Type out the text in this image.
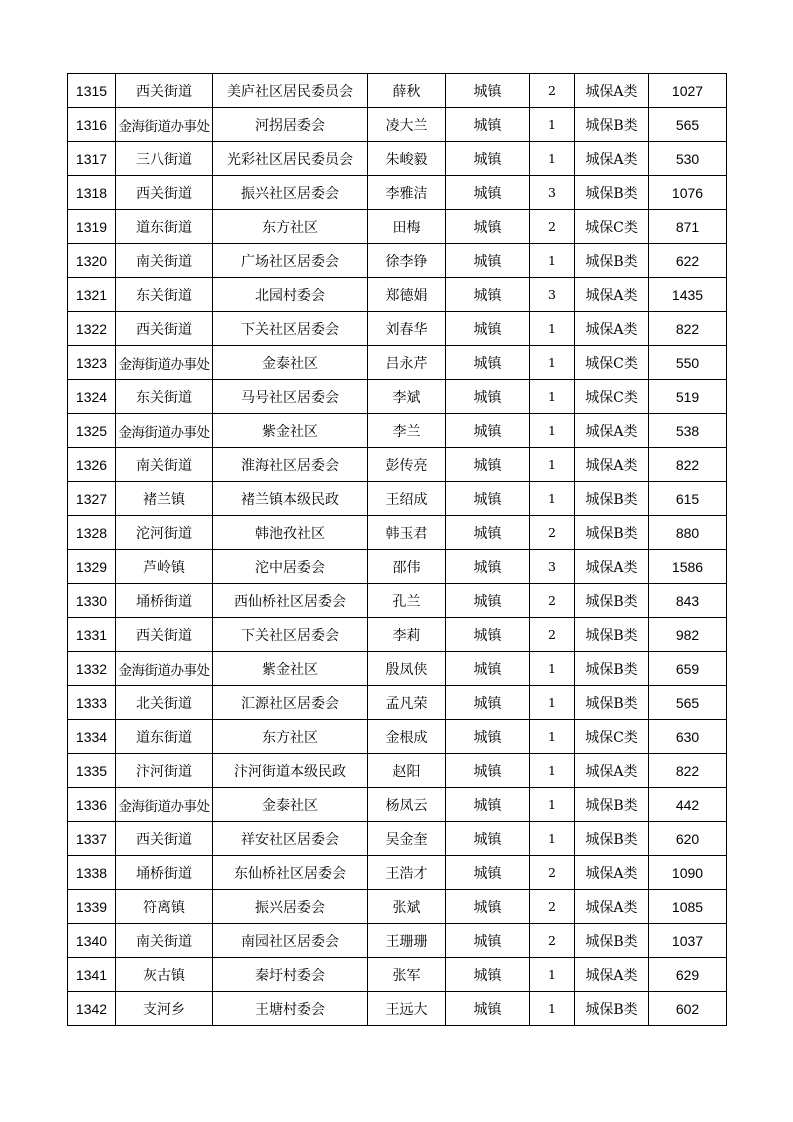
1315	西关街道	美庐社区居民委员会	薛秋	城镇	2	城保A类	1027
1316	金海街道办事处	河拐居委会	凌大兰	城镇	1	城保B类	565
1317	三八街道	光彩社区居民委员会	朱峻毅	城镇	1	城保A类	530
1318	西关街道	振兴社区居委会	李雅洁	城镇	3	城保B类	1076
1319	道东街道	东方社区	田梅	城镇	2	城保C类	871
1320	南关街道	广场社区居委会	徐李铮	城镇	1	城保B类	622
1321	东关街道	北园村委会	郑德娟	城镇	3	城保A类	1435
1322	西关街道	下关社区居委会	刘春华	城镇	1	城保A类	822
1323	金海街道办事处	金泰社区	吕永芹	城镇	1	城保C类	550
1324	东关街道	马号社区居委会	李斌	城镇	1	城保C类	519
1325	金海街道办事处	紫金社区	李兰	城镇	1	城保A类	538
1326	南关街道	淮海社区居委会	彭传亮	城镇	1	城保A类	822
1327	褚兰镇	褚兰镇本级民政	王绍成	城镇	1	城保B类	615
1328	沱河街道	韩池孜社区	韩玉君	城镇	2	城保B类	880
1329	芦岭镇	沱中居委会	邵伟	城镇	3	城保A类	1586
1330	埇桥街道	西仙桥社区居委会	孔兰	城镇	2	城保B类	843
1331	西关街道	下关社区居委会	李莉	城镇	2	城保B类	982
1332	金海街道办事处	紫金社区	殷凤侠	城镇	1	城保B类	659
1333	北关街道	汇源社区居委会	孟凡荣	城镇	1	城保B类	565
1334	道东街道	东方社区	金根成	城镇	1	城保C类	630
1335	汴河街道	汴河街道本级民政	赵阳	城镇	1	城保A类	822
1336	金海街道办事处	金泰社区	杨凤云	城镇	1	城保B类	442
1337	西关街道	祥安社区居委会	吴金奎	城镇	1	城保B类	620
1338	埇桥街道	东仙桥社区居委会	王浩才	城镇	2	城保A类	1090
1339	符离镇	振兴居委会	张斌	城镇	2	城保A类	1085
1340	南关街道	南园社区居委会	王珊珊	城镇	2	城保B类	1037
1341	灰古镇	秦圩村委会	张军	城镇	1	城保A类	629
1342	支河乡	王塘村委会	王远大	城镇	1	城保B类	602
